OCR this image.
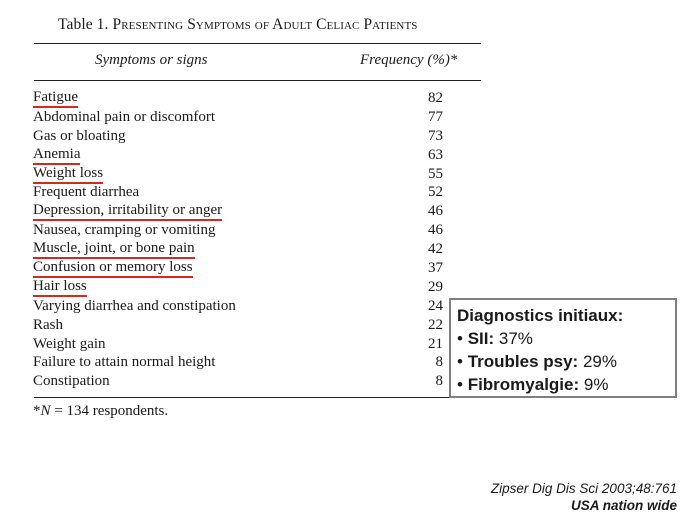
Table 1. Presenting Symptoms of Adult Celiac Patients
Symptoms or signs	Frequency (%)*
Fatigue	82
Abdominal pain or discomfort	77
Gas or bloating	73
Anemia	63
Weight loss	55
Frequent diarrhea	52
Depression, irritability or anger	46
Nausea, cramping or vomiting	46
Muscle, joint, or bone pain	42
Confusion or memory loss	37
Hair loss	29
Varying diarrhea and constipation	24
Rash	22
Weight gain	21
Failure to attain normal height	8
Constipation	8
*N = 134 respondents.
Diagnostics initiaux:
• SII: 37%
• Troubles psy: 29%
• Fibromyalgie: 9%
Zipser Dig Dis Sci 2003;48:761
USA nation wide
